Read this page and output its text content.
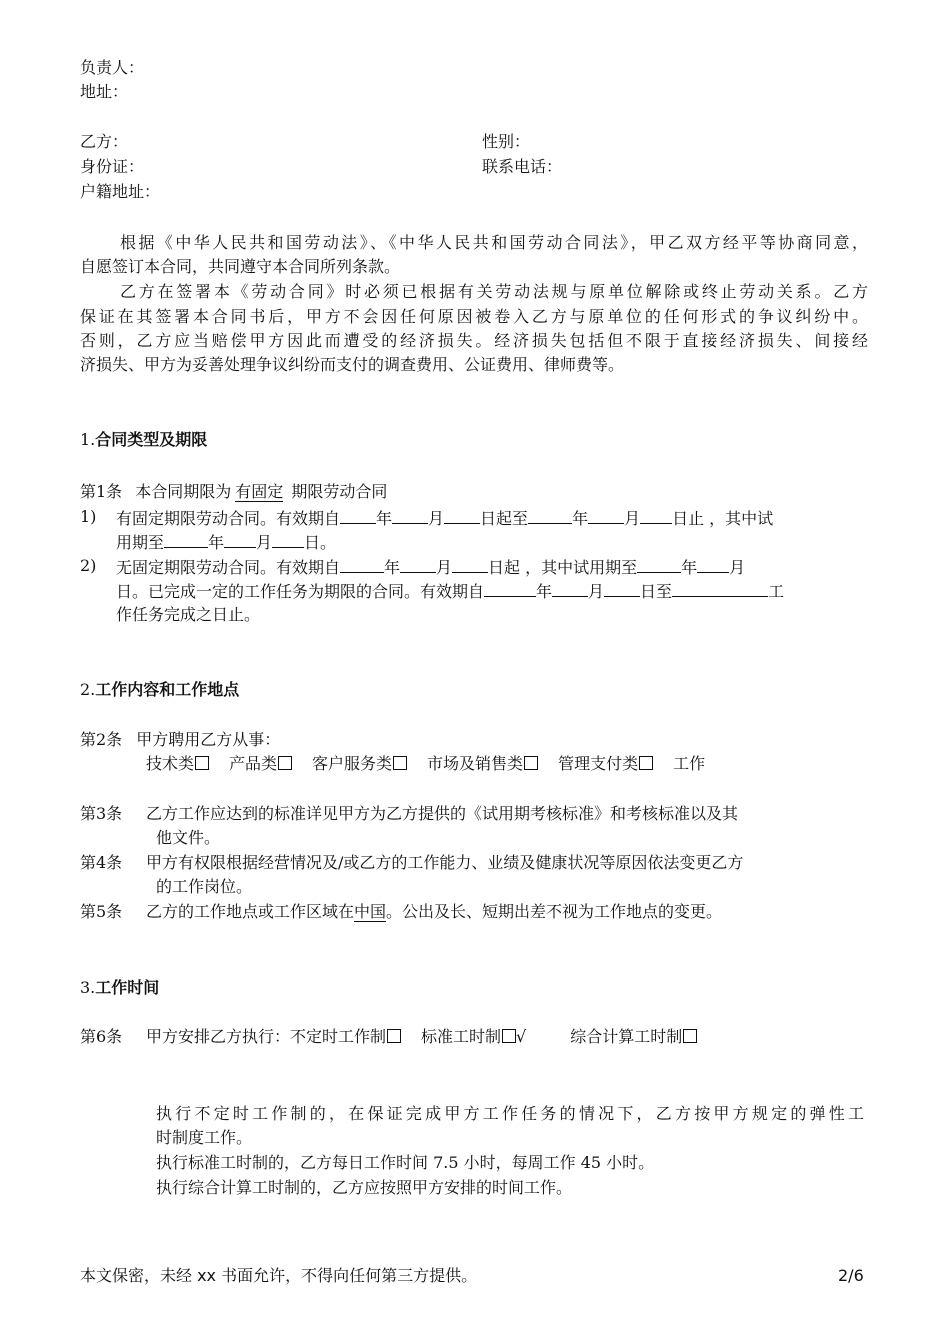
负责人：
地址：
乙方：	性别：
身份证：	联系电话：
户籍地址：
根据《中华人民共和国劳动法》、《中华人民共和国劳动合同法》，甲乙双方经平等协商同意，
自愿签订本合同，共同遵守本合同所列条款。
乙方在签署本《劳动合同》时必须已根据有关劳动法规与原单位解除或终止劳动关系。乙方
保证在其签署本合同书后，甲方不会因任何原因被卷入乙方与原单位的任何形式的争议纠纷中。
否则，乙方应当赔偿甲方因此而遭受的经济损失。经济损失包括但不限于直接经济损失、间接经
济损失、甲方为妥善处理争议纠纷而支付的调查费用、公证费用、律师费等。
1.合同类型及期限
第1条 本合同期限为 有固定 期限劳动合同
1) 有固定期限劳动合同。有效期自 年 月 日起至	年 月 日止 ，其中试
用期至	年 月 日。
2) 无固定期限劳动合同。有效期自	年 月 日起 ，其中试用期至	年 月
日。已完成一定的工作任务为期限的合同。有效期自	年 月 日至	工
作任务完成之日止。
2.工作内容和工作地点
第2条 甲方聘用乙方从事：
技术类 产品类 客户服务类 市场及销售类 管理支付类 工作
第3条 乙方工作应达到的标准详见甲方为乙方提供的《试用期考核标准》和考核标准以及其
他文件。
第4条 甲方有权限根据经营情况及/或乙方的工作能力、业绩及健康状况等原因依法变更乙方
的工作岗位。
第5条 乙方的工作地点或工作区域在中国。公出及长、短期出差不视为工作地点的变更。
3.工作时间
第6条 甲方安排乙方执行：不定时工作制 标准工时制 √	综合计算工时制
执行不定时工作制的，在保证完成甲方工作任务的情况下，乙方按甲方规定的弹性工
时制度工作。
执行标准工时制的，乙方每日工作时间 7.5 小时，每周工作 45 小时。
执行综合计算工时制的，乙方应按照甲方安排的时间工作。
本文保密，未经 xx 书面允许，不得向任何第三方提供。	2/6
